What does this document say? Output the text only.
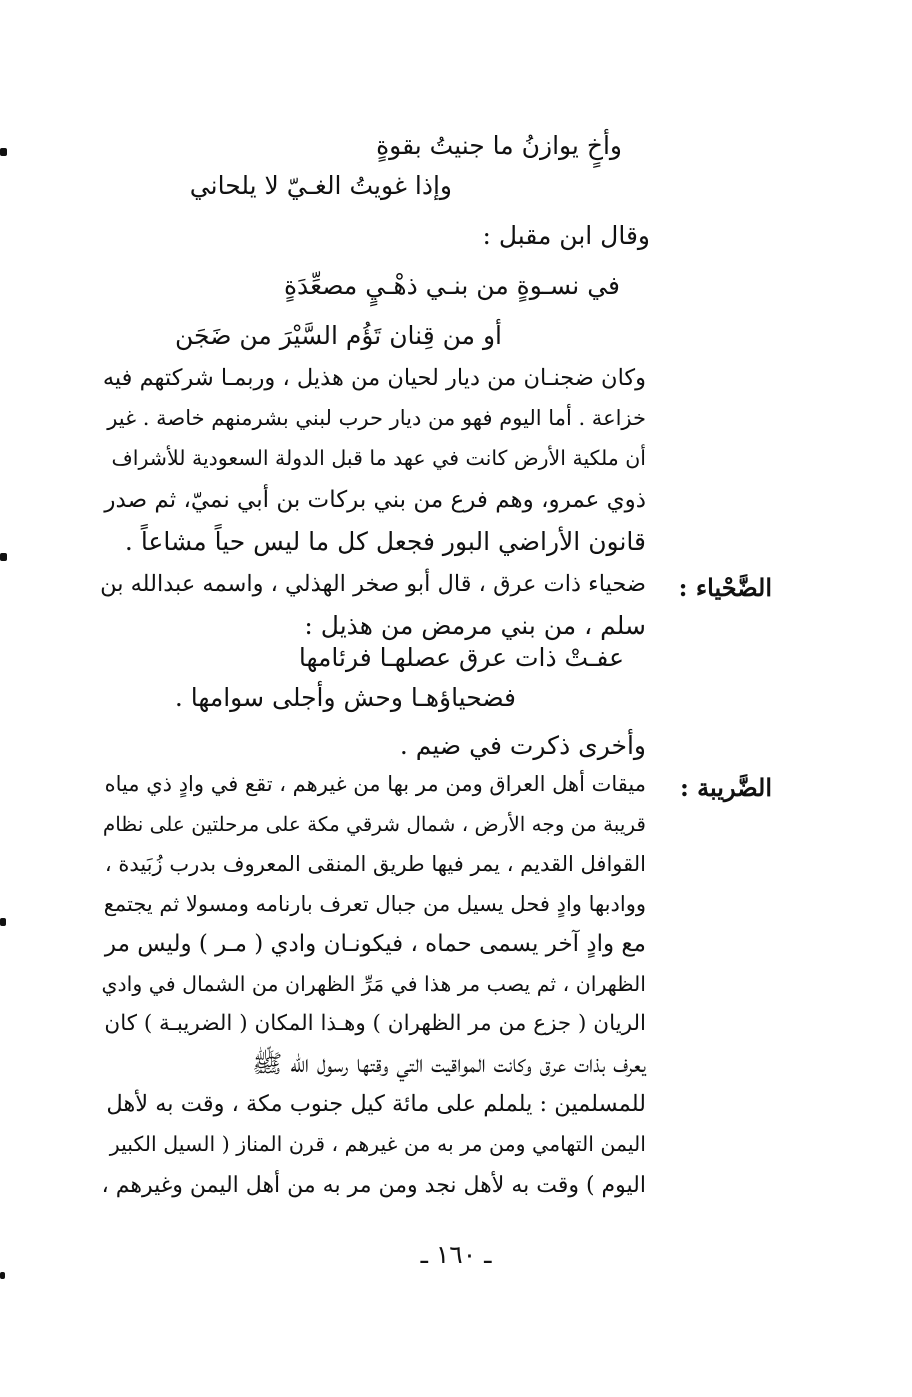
وأخٍ يوازنُ ما جنيتُ بقوةٍ

وإذا غويتُ الغـيّ لا يلحاني

وقال ابن مقبل :

في نسـوةٍ من بنـي ذهْـيٍ مصعِّدَةٍ

أو من قِنان تَؤُم السَّيْرَ من ضَجَن

وكان ضجنـان من ديار لحيان من هذيل ، وربمـا شركتهم فيه

خزاعة . أما اليوم فهو من ديار حرب لبني بشرمنهم خاصة . غير

أن ملكية الأرض كانت في عهد ما قبل الدولة السعودية للأشراف

ذوي عمرو، وهم فرع من بني بركات بن أبي نميّ، ثم صدر

قانون الأراضي البور فجعل كل ما ليس حياً مشاعاً .

الضَّحْياء :

ضحياء ذات عرق ، قال أبو صخر الهذلي ، واسمه عبدالله بن

سلم ، من بني مرمض من هذيل :

عفـتْ ذات عرق عصلهـا فرئامها

فضحياؤهـا وحش وأجلى سوامها .

وأخرى ذكرت في ضيم .

الضَّريبة :

ميقات أهل العراق ومن مر بها من غيرهم ، تقع في وادٍ ذي مياه

قريبة من وجه الأرض ، شمال شرقي مكة على مرحلتين على نظام

القوافل القديم ، يمر فيها طريق المنقى المعروف بدرب زُبَيدة ،

ووادبها وادٍ فحل يسيل من جبال تعرف بارنامه ومسولا ثم يجتمع

مع وادٍ آخر يسمى حماه ، فيكونـان وادي ( مـر ) وليس مر

الظهران ، ثم يصب مر هذا في مَرِّ الظهران من الشمال في وادي

الريان ( جزع من مر الظهران ) وهـذا المكان ( الضريبـة ) كان

يعرف بذات عرق وكانت المواقيت التي وقتها رسول الله ﷺ

للمسلمين : يلملم على مائة كيل جنوب مكة ، وقت به لأهل

اليمن التهامي ومن مر به من غيرهم ، قرن المناز ( السيل الكبير

اليوم ) وقت به لأهل نجد ومن مر به من أهل اليمن وغيرهم ،

ـ ١٦٠ ـ
